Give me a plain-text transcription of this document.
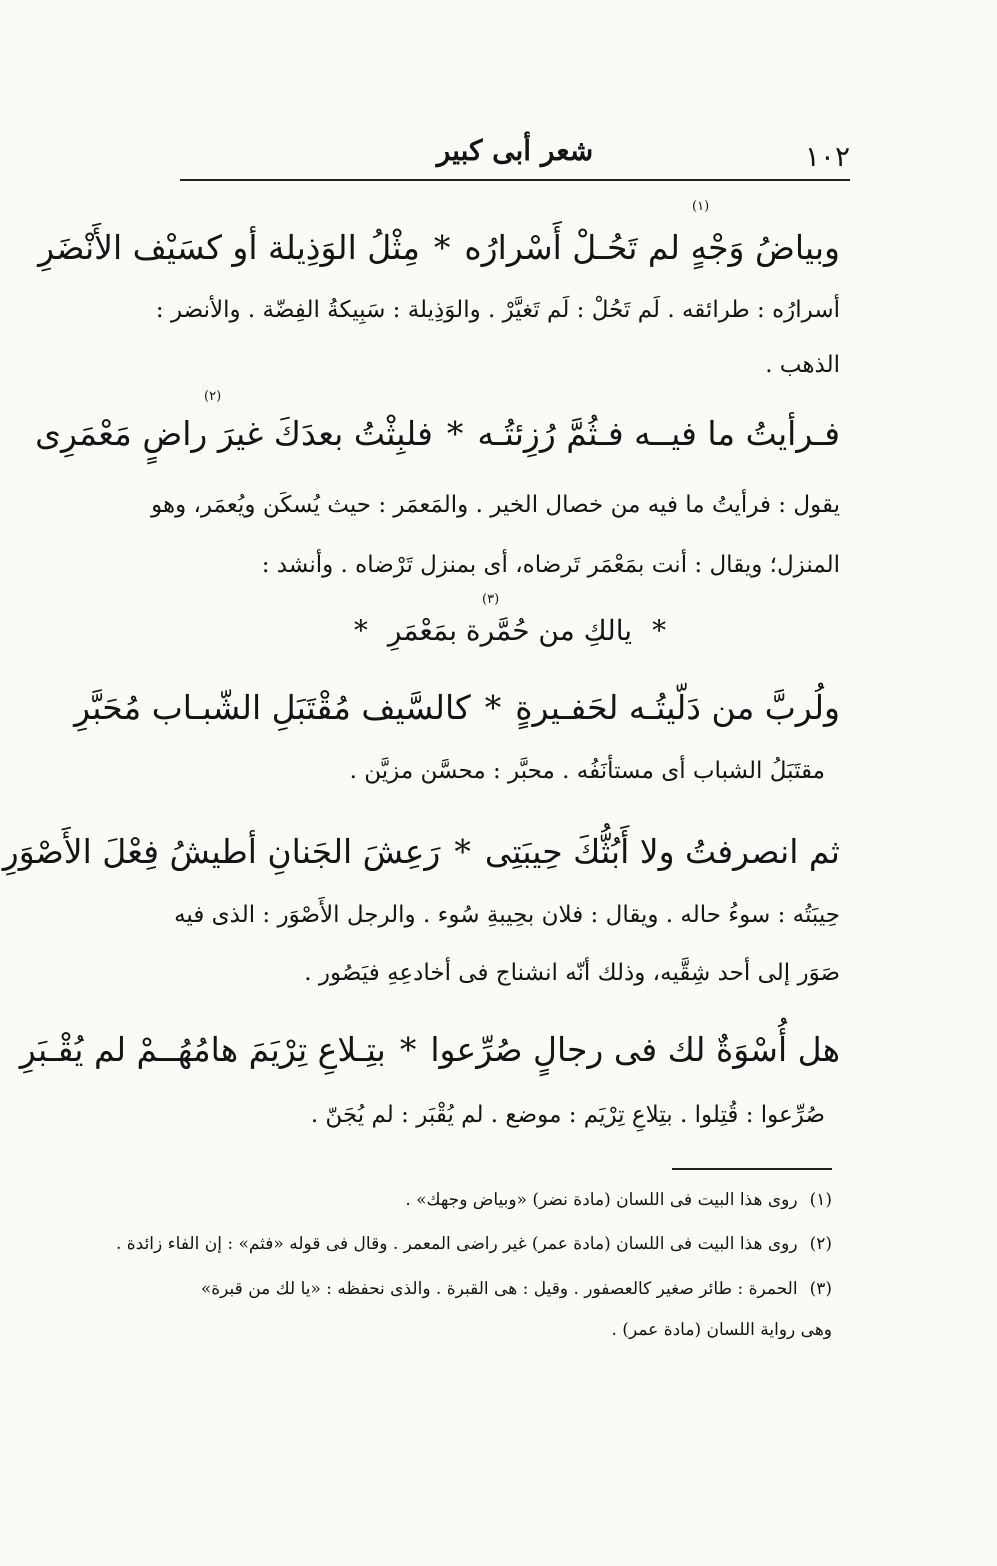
١٠٢
شعر أبى كبير
(١)
وبياضُ وَجْهٍ لم تَحُـلْ أَسْرارُه
*
مِثْلُ الوَذِيلة أو كسَيْف الأَنْضَرِ
أسرارُه : طرائقه . لَم تَحُلْ : لَم تَغيَّرْ . والوَذِيلة : سَبِيكةُ الفِضّة . والأنضر :
الذهب .
(٢)
فـرأيتُ ما فيــه فـثُمَّ رُزِئتُـه
*
فلبِثْتُ بعدَكَ غيرَ راضٍ مَعْمَرِى
يقول : فرأيتُ ما فيه من خصال الخير . والمَعمَر : حيث يُسكَن ويُعمَر، وهو
المنزل؛ ويقال : أنت بمَعْمَر تَرضاه، أى بمنزل تَرْضاه . وأنشد :
(٣)
*
يالكِ من حُمَّرة بمَعْمَرِ
*
ولُربَّ من دَلّيتُـه لحَفـيرةٍ
*
كالسَّيف مُقْتَبَلِ الشّبـاب مُحَبَّرِ
مقتَبَلُ الشباب أى مستأنَفُه . محبَّر : محسَّن مزيَّن .
ثم انصرفتُ ولا أَبُثُّكَ حِيبَتِى
*
رَعِشَ الجَنانِ أطيشُ فِعْلَ الأَصْوَرِ
حِيبَتُه : سوءُ حاله . ويقال : فلان بحِيبةِ سُوء . والرجل الأَصْوَر : الذى فيه
صَوَر إلى أحد شِقَّيه، وذلك أنّه انشناج فى أخادعِهِ فيَصُور .
هل أُسْوَةٌ لك فى رجالٍ صُرِّعوا
*
بتِـلاعِ تِرْيَمَ هامُهُــمْ لم يُقْـبَرِ
صُرِّعوا : قُتِلوا . بتِلاعِ تِرْيَم : موضع . لم يُقْبَر : لم يُجَنّ .
(١)روى هذا البيت فى اللسان (مادة نضر) «وبياض وجهك» .
(٢)روى هذا البيت فى اللسان (مادة عمر) غير راضى المعمر . وقال فى قوله «فثم» : إن الفاء زائدة .
(٣)الحمرة : طائر صغير كالعصفور . وقيل : هى القبرة . والذى نحفظه : «يا لك من قبرة»
وهى رواية اللسان (مادة عمر) .
